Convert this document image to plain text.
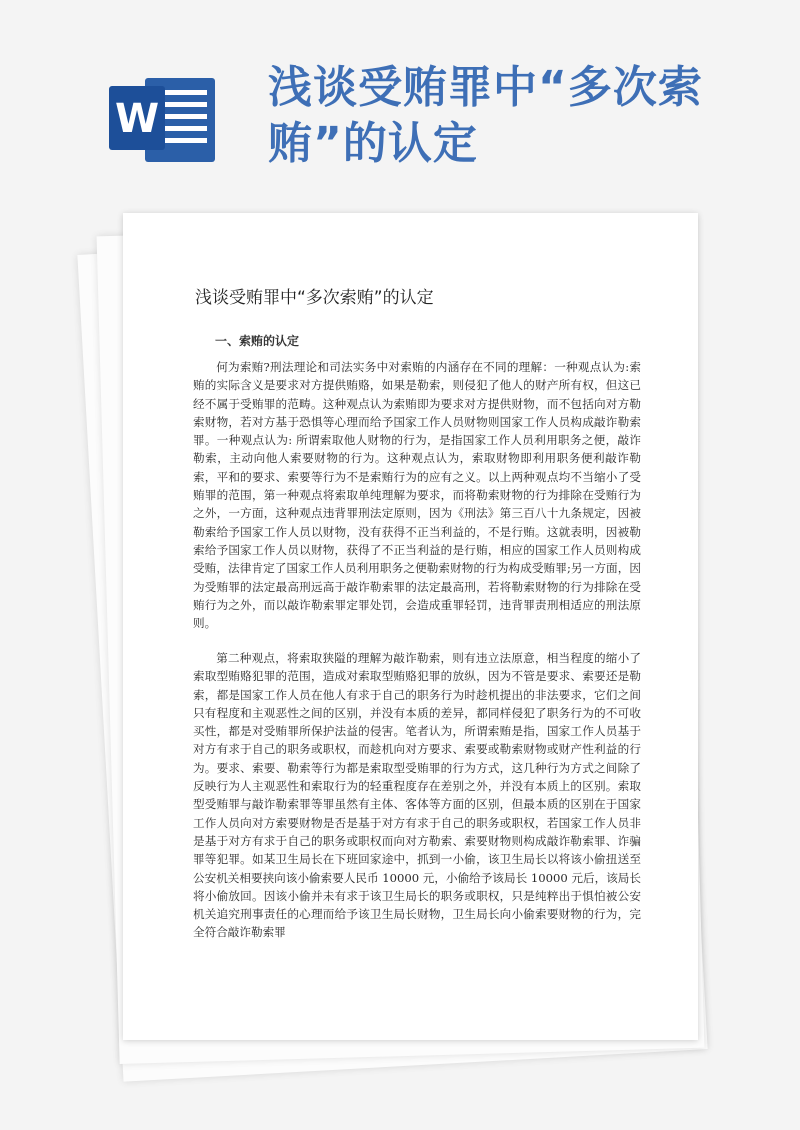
W
浅谈受贿罪中“多次索贿”的认定
浅谈受贿罪中“多次索贿”的认定
一、索贿的认定

何为索贿?刑法理论和司法实务中对索贿的内涵存在不同的理解：一种观点认为:索贿的实际含义是要求对方提供贿赂，如果是勒索，则侵犯了他人的财产所有权，但这已经不属于受贿罪的范畴。这种观点认为索贿即为要求对方提供财物，而不包括向对方勒索财物，若对方基于恐惧等心理而给予国家工作人员财物则国家工作人员构成敲诈勒索罪。一种观点认为: 所谓索取他人财物的行为，是指国家工作人员利用职务之便，敲诈勒索，主动向他人索要财物的行为。这种观点认为，索取财物即利用职务便利敲诈勒索，平和的要求、索要等行为不是索贿行为的应有之义。以上两种观点均不当缩小了受贿罪的范围，第一种观点将索取单纯理解为要求，而将勒索财物的行为排除在受贿行为之外，一方面，这种观点违背罪刑法定原则，因为《刑法》第三百八十九条规定，因被勒索给予国家工作人员以财物，没有获得不正当利益的，不是行贿。这就表明，因被勒索给予国家工作人员以财物，获得了不正当利益的是行贿，相应的国家工作人员则构成受贿，法律肯定了国家工作人员利用职务之便勒索财物的行为构成受贿罪;另一方面，因为受贿罪的法定最高刑远高于敲诈勒索罪的法定最高刑，若将勒索财物的行为排除在受贿行为之外，而以敲诈勒索罪定罪处罚，会造成重罪轻罚，违背罪责刑相适应的刑法原则。

第二种观点，将索取狭隘的理解为敲诈勒索，则有违立法原意，相当程度的缩小了索取型贿赂犯罪的范围，造成对索取型贿赂犯罪的放纵，因为不管是要求、索要还是勒索，都是国家工作人员在他人有求于自己的职务行为时趁机提出的非法要求，它们之间只有程度和主观恶性之间的区别，并没有本质的差异，都同样侵犯了职务行为的不可收买性，都是对受贿罪所保护法益的侵害。笔者认为，所谓索贿是指，国家工作人员基于对方有求于自己的职务或职权，而趁机向对方要求、索要或勒索财物或财产性利益的行为。要求、索要、勒索等行为都是索取型受贿罪的行为方式，这几种行为方式之间除了反映行为人主观恶性和索取行为的轻重程度存在差别之外，并没有本质上的区别。索取型受贿罪与敲诈勒索罪等罪虽然有主体、客体等方面的区别，但最本质的区别在于国家工作人员向对方索要财物是否是基于对方有求于自己的职务或职权，若国家工作人员非是基于对方有求于自己的职务或职权而向对方勒索、索要财物则构成敲诈勒索罪、诈骗罪等犯罪。如某卫生局长在下班回家途中，抓到一小偷，该卫生局长以将该小偷扭送至公安机关相要挟向该小偷索要人民币 10000 元，小偷给予该局长 10000 元后，该局长将小偷放回。因该小偷并未有求于该卫生局长的职务或职权，只是纯粹出于惧怕被公安机关追究刑事责任的心理而给予该卫生局长财物，卫生局长向小偷索要财物的行为，完全符合敲诈勒索罪
